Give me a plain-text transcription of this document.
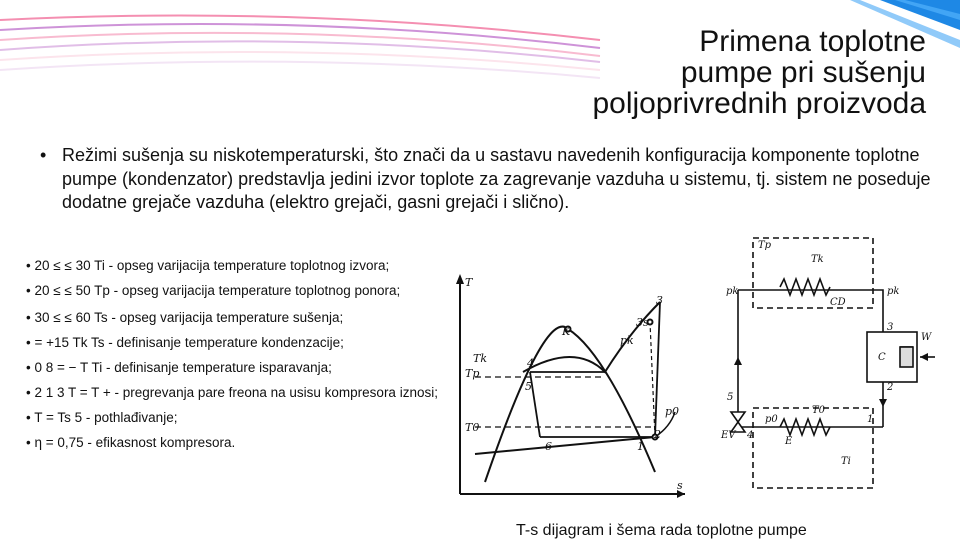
Primena toplotne
pumpe pri sušenju
poljoprivrednih proizvoda
• Režimi sušenja su niskotemperaturski, što znači da u sastavu navedenih konfiguracija komponente toplotne pumpe (kondenzator) predstavlja jedini izvor toplote za zagrevanje vazduha u sistemu, tj. sistem ne poseduje dodatne grejače vazduha (elektro grejači, gasni grejači i slično).
• 20 ≤ ≤ 30 Ti - opseg varijacija temperature toplotnog izvora;
• 20 ≤ ≤ 50 Tp - opseg varijacija temperature toplotnog ponora;
• 30 ≤ ≤ 60 Ts - opseg varijacija temperature sušenja;
• = +15 Tk Ts - definisanje temperature kondenzacije;
• 0 8 = − T Ti - definisanje temperature isparavanja;
• 2 1 3 T = T + - pregrevanja pare freona na usisu kompresora iznosi;
• T = Ts 5 - pothlađivanje;
• η = 0,75 - efikasnost kompresora.
T
s
K
Tk
Tp
T0
pk
p0
3
3s
4
5
6	1
2
Tp
Tk
pk	pk
CD
3
W
C
2
5
EV
p0
T0
4
1
E
Ti
T-s dijagram i šema rada toplotne pumpe
